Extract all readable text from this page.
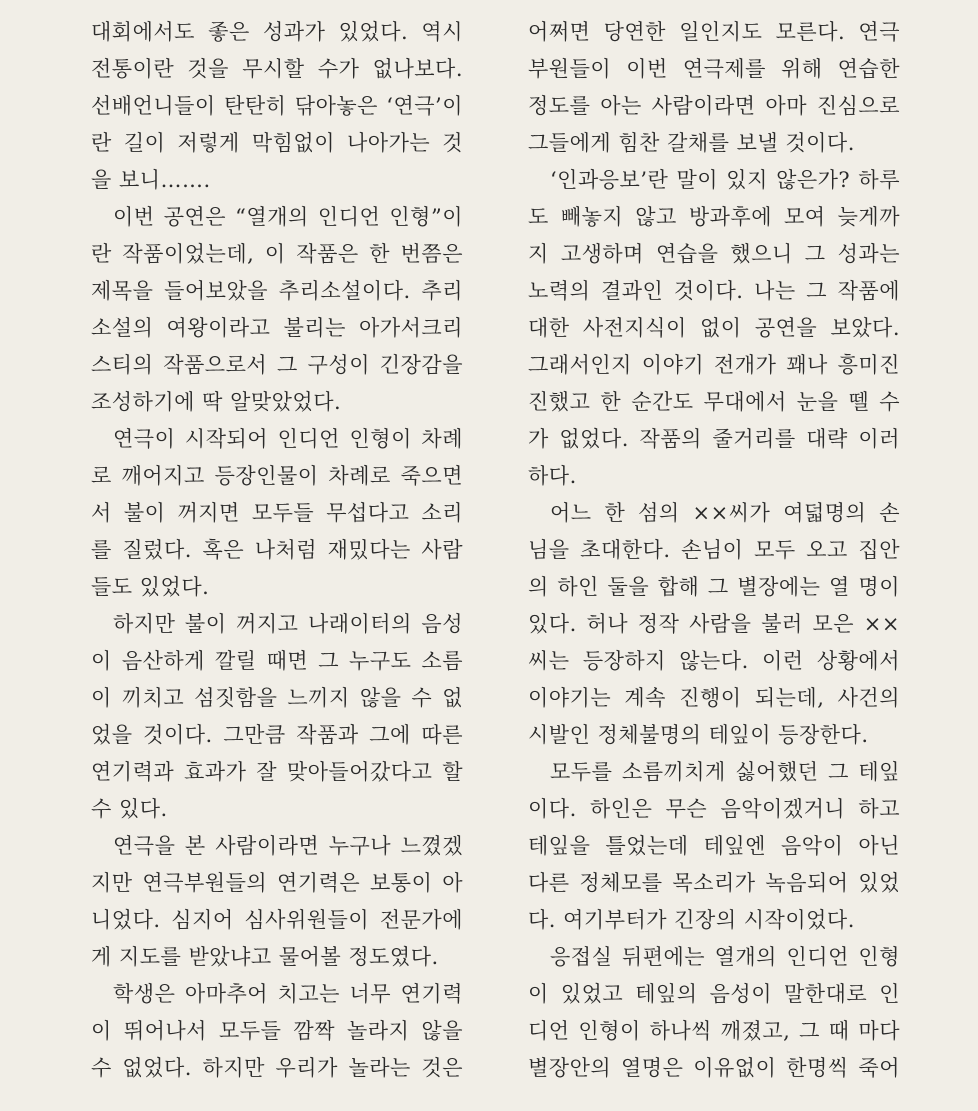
대회에서도 좋은 성과가 있었다. 역시
전통이란 것을 무시할 수가 없나보다.
선배언니들이 탄탄히 닦아놓은 ‘연극’이
란 길이 저렇게 막힘없이 나아가는 것
을 보니…….
이번 공연은 “열개의 인디언 인형”이
란 작품이었는데, 이 작품은 한 번쯤은
제목을 들어보았을 추리소설이다. 추리
소설의 여왕이라고 불리는 아가서크리
스티의 작품으로서 그 구성이 긴장감을
조성하기에 딱 알맞았었다.
연극이 시작되어 인디언 인형이 차례
로 깨어지고 등장인물이 차례로 죽으면
서 불이 꺼지면 모두들 무섭다고 소리
를 질렀다. 혹은 나처럼 재밌다는 사람
들도 있었다.
하지만 불이 꺼지고 나래이터의 음성
이 음산하게 깔릴 때면 그 누구도 소름
이 끼치고 섬짓함을 느끼지 않을 수 없
었을 것이다. 그만큼 작품과 그에 따른
연기력과 효과가 잘 맞아들어갔다고 할
수 있다.
연극을 본 사람이라면 누구나 느꼈겠
지만 연극부원들의 연기력은 보통이 아
니었다. 심지어 심사위원들이 전문가에
게 지도를 받았냐고 물어볼 정도였다.
학생은 아마추어 치고는 너무 연기력
이 뛰어나서 모두들 깜짝 놀라지 않을
수 없었다. 하지만 우리가 놀라는 것은
어쩌면 당연한 일인지도 모른다. 연극
부원들이 이번 연극제를 위해 연습한
정도를 아는 사람이라면 아마 진심으로
그들에게 힘찬 갈채를 보낼 것이다.
‘인과응보’란 말이 있지 않은가? 하루
도 빼놓지 않고 방과후에 모여 늦게까
지 고생하며 연습을 했으니 그 성과는
노력의 결과인 것이다. 나는 그 작품에
대한 사전지식이 없이 공연을 보았다.
그래서인지 이야기 전개가 꽤나 흥미진
진했고 한 순간도 무대에서 눈을 뗄 수
가 없었다. 작품의 줄거리를 대략 이러
하다.
어느 한 섬의 ××씨가 여덟명의 손
님을 초대한다. 손님이 모두 오고 집안
의 하인 둘을 합해 그 별장에는 열 명이
있다. 허나 정작 사람을 불러 모은 ××
씨는 등장하지 않는다. 이런 상황에서
이야기는 계속 진행이 되는데, 사건의
시발인 정체불명의 테잎이 등장한다.
모두를 소름끼치게 싫어했던 그 테잎
이다. 하인은 무슨 음악이겠거니 하고
테잎을 틀었는데 테잎엔 음악이 아닌
다른 정체모를 목소리가 녹음되어 있었
다. 여기부터가 긴장의 시작이었다.
응접실 뒤편에는 열개의 인디언 인형
이 있었고 테잎의 음성이 말한대로 인
디언 인형이 하나씩 깨졌고, 그 때 마다
별장안의 열명은 이유없이 한명씩 죽어
